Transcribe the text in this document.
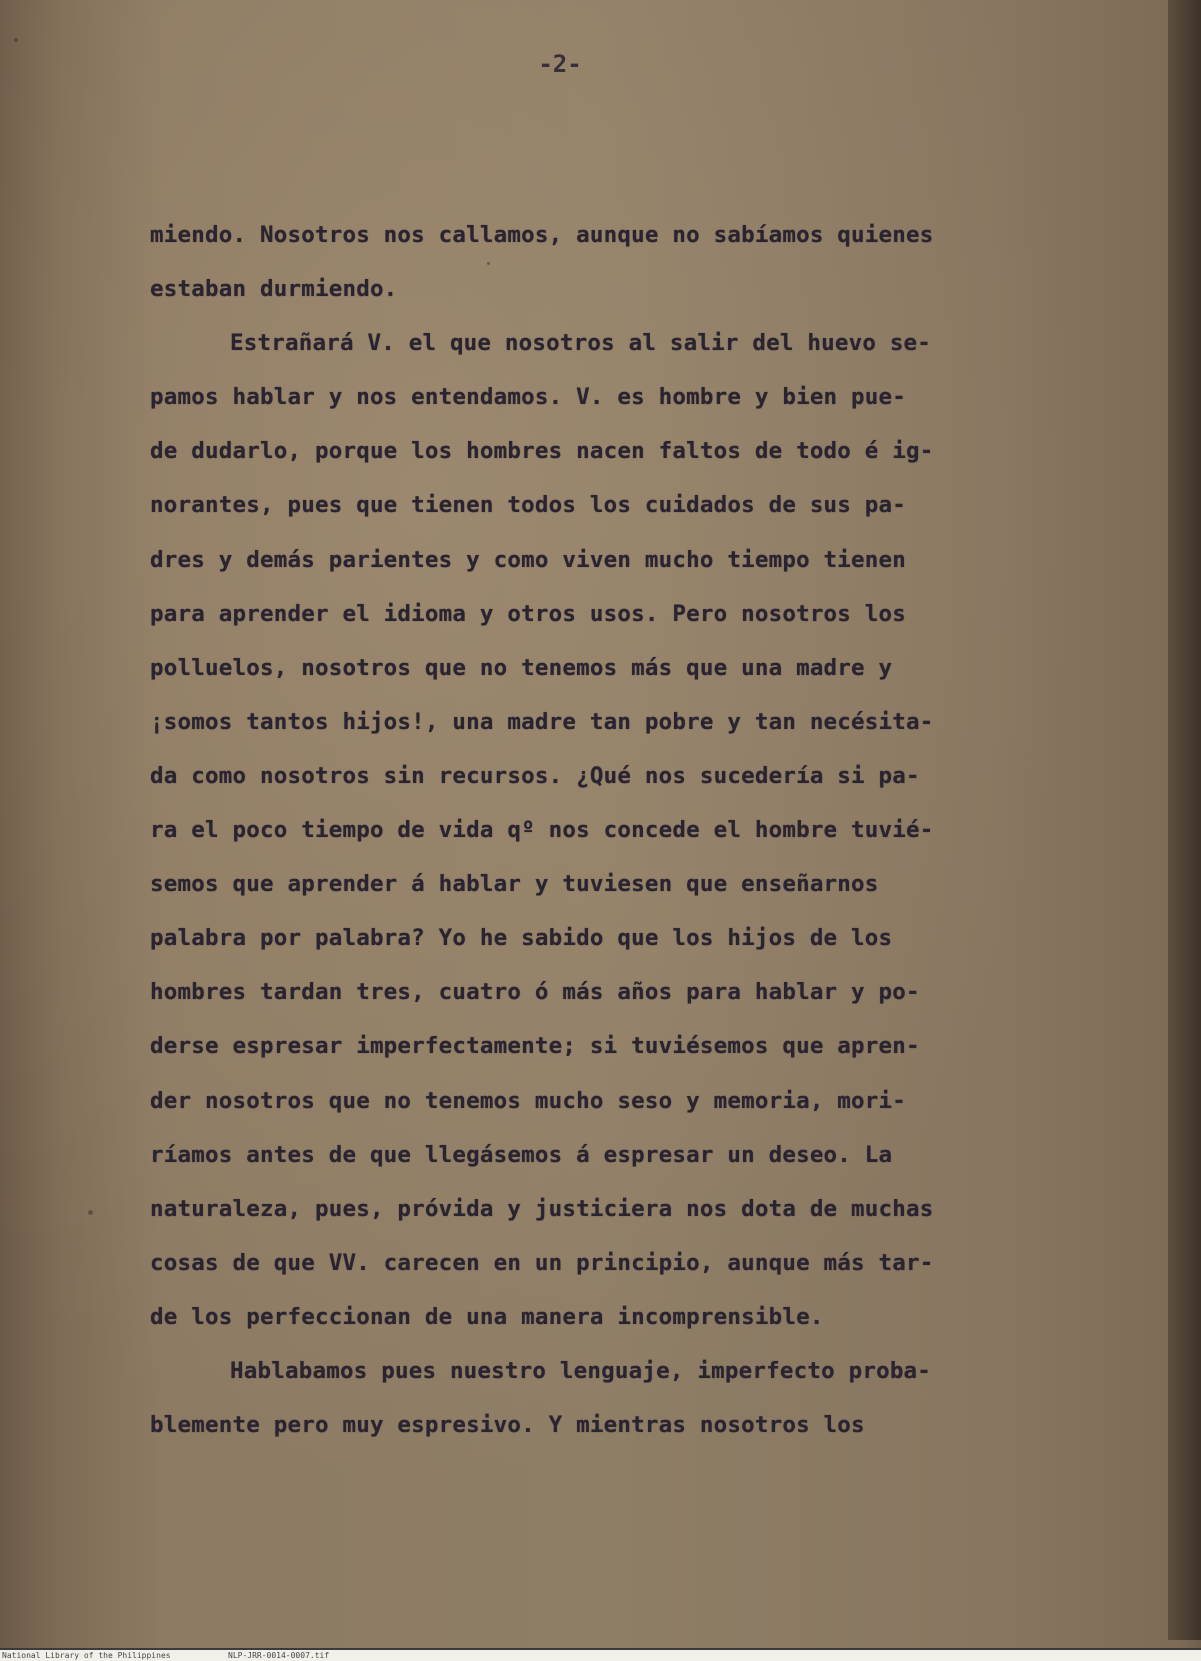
-2-
miendo. Nosotros nos callamos, aunque no sabíamos quienes
estaban durmiendo.
Estrañará V. el que nosotros al salir del huevo se-
pamos hablar y nos entendamos. V. es hombre y bien pue-
de dudarlo, porque los hombres nacen faltos de todo é ig-
norantes, pues que tienen todos los cuidados de sus pa-
dres y demás parientes y como viven mucho tiempo tienen
para aprender el idioma y otros usos. Pero nosotros los
polluelos, nosotros que no tenemos más que una madre y
¡somos tantos hijos!, una madre tan pobre y tan necésita-
da como nosotros sin recursos. ¿Qué nos sucedería si pa-
ra el poco tiempo de vida qº nos concede el hombre tuvié-
semos que aprender á hablar y tuviesen que enseñarnos
palabra por palabra? Yo he sabido que los hijos de los
hombres tardan tres, cuatro ó más años para hablar y po-
derse espresar imperfectamente; si tuviésemos que apren-
der nosotros que no tenemos mucho seso y memoria, mori-
ríamos antes de que llegásemos á espresar un deseo. La
naturaleza, pues, próvida y justiciera nos dota de muchas
cosas de que VV. carecen en un principio, aunque más tar-
de los perfeccionan de una manera incomprensible.
Hablabamos pues nuestro lenguaje, imperfecto proba-
blemente pero muy espresivo. Y mientras nosotros los
National Library of the Philippines	NLP-JRR-0014-0007.tif
